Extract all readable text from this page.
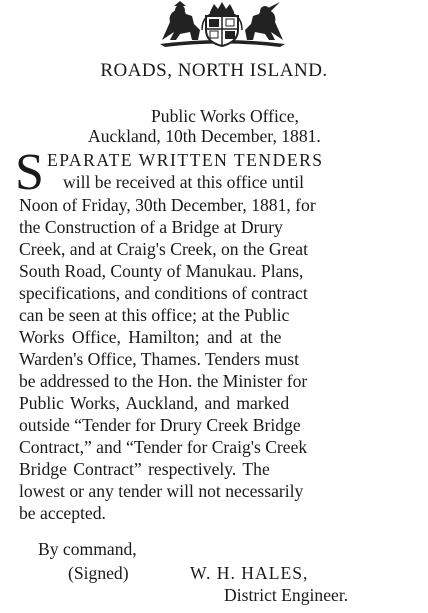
ROADS, NORTH ISLAND.
Public Works Office,
Auckland, 10th December, 1881.
S EPARATE WRITTEN TENDERS
will be received at this office until
Noon of Friday, 30th December, 1881, for
the Construction of a Bridge at Drury
Creek, and at Craig's Creek, on the Great
South Road, County of Manukau. Plans,
specifications, and conditions of contract
can be seen at this office; at the Public
Works Office, Hamilton; and at the
Warden's Office, Thames. Tenders must
be addressed to the Hon. the Minister for
Public Works, Auckland, and marked
outside “Tender for Drury Creek Bridge
Contract,” and “Tender for Craig's Creek
Bridge Contract” respectively. The
lowest or any tender will not necessarily
be accepted.
By command,
(Signed)	W. H. HALES,
District Engineer.
